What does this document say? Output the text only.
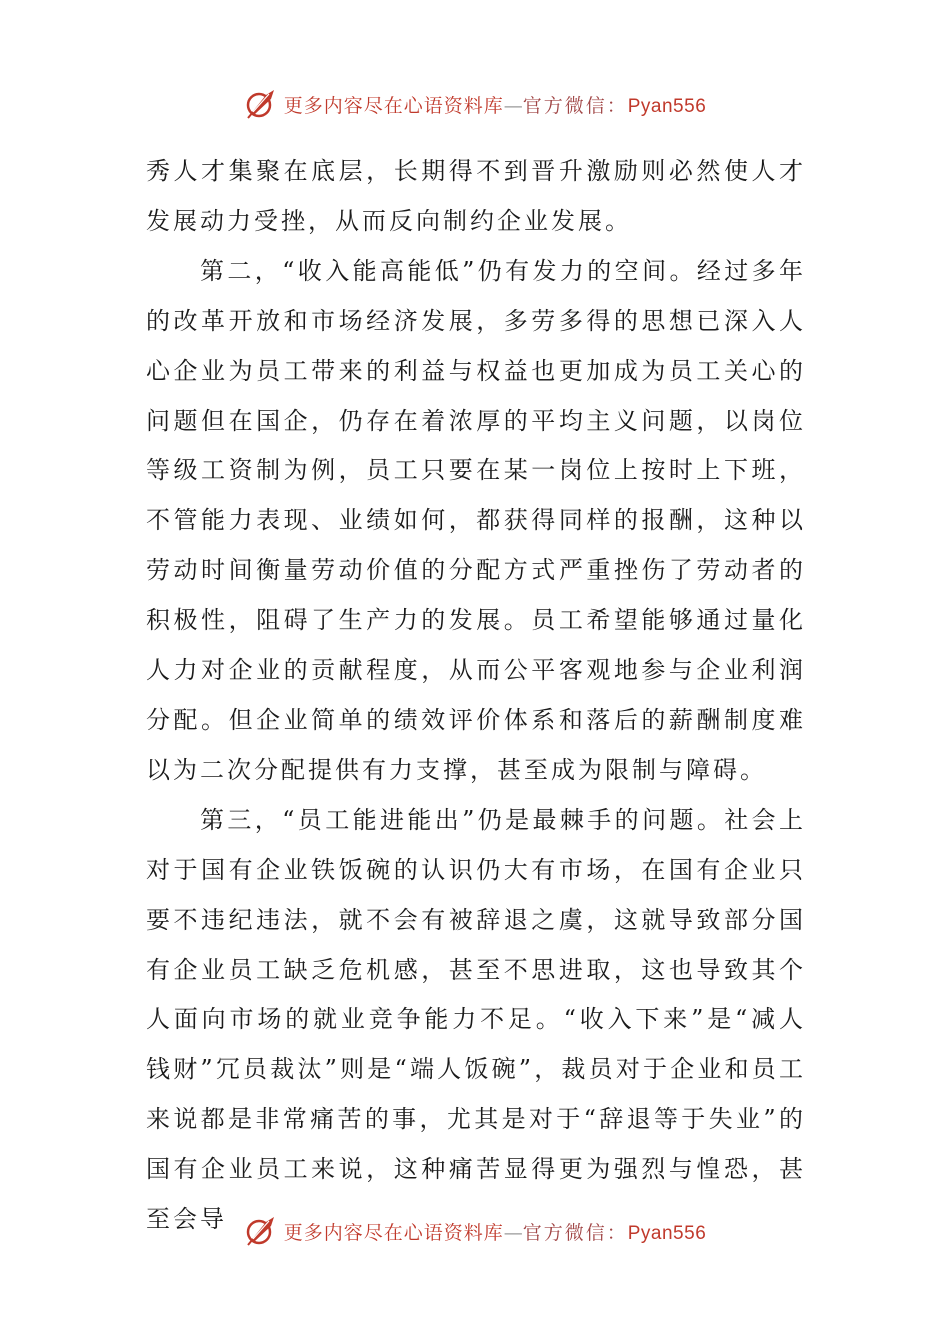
更多内容尽在心语资料库—官方微信：Pyan556

秀人才集聚在底层，长期得不到晋升激励则必然使人才发展动力受挫，从而反向制约企业发展。

第二，“收入能高能低”仍有发力的空间。经过多年的改革开放和市场经济发展，多劳多得的思想已深入人心企业为员工带来的利益与权益也更加成为员工关心的问题但在国企，仍存在着浓厚的平均主义问题，以岗位等级工资制为例，员工只要在某一岗位上按时上下班，不管能力表现、业绩如何，都获得同样的报酬，这种以劳动时间衡量劳动价值的分配方式严重挫伤了劳动者的积极性，阻碍了生产力的发展。员工希望能够通过量化人力对企业的贡献程度，从而公平客观地参与企业利润分配。但企业简单的绩效评价体系和落后的薪酬制度难以为二次分配提供有力支撑，甚至成为限制与障碍。

第三，“员工能进能出”仍是最棘手的问题。社会上对于国有企业铁饭碗的认识仍大有市场，在国有企业只要不违纪违法，就不会有被辞退之虞，这就导致部分国有企业员工缺乏危机感，甚至不思进取，这也导致其个人面向市场的就业竞争能力不足。“收入下来”是“减人钱财”冗员裁汰”则是“端人饭碗”，裁员对于企业和员工来说都是非常痛苦的事，尤其是对于“辞退等于失业”的国有企业员工来说，这种痛苦显得更为强烈与惶恐，甚至会导	更多内容尽在心语资料库—官方微信：Pyan556
